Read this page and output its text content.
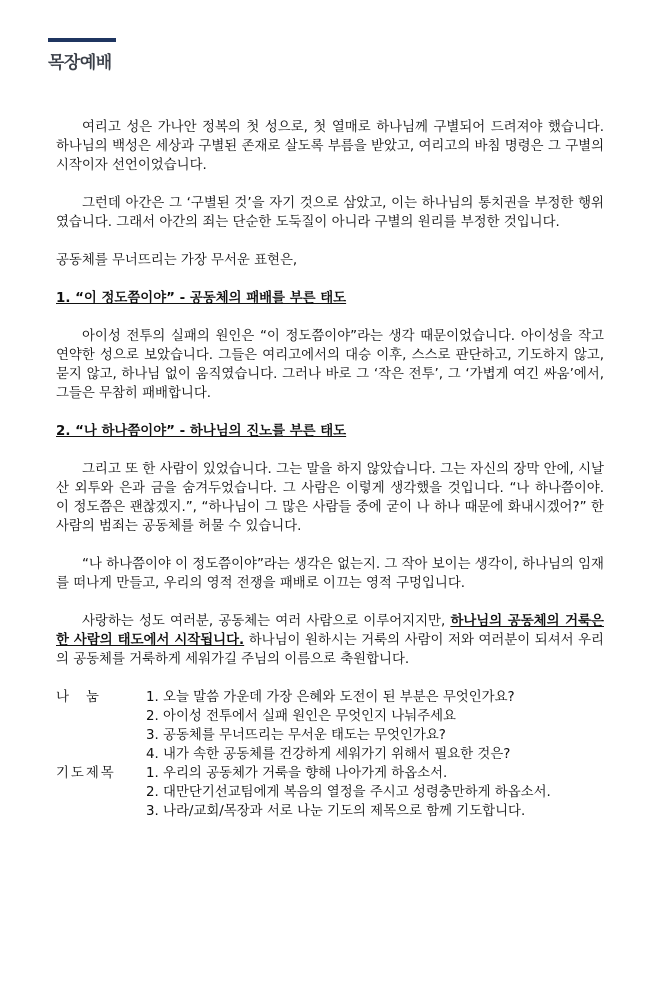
목장예배

여리고 성은 가나안 정복의 첫 성으로, 첫 열매로 하나님께 구별되어 드려져야 했습니다. 하나님의 백성은 세상과 구별된 존재로 살도록 부름을 받았고, 여리고의 바침 명령은 그 구별의 시작이자 선언이었습니다.

그런데 아간은 그 ‘구별된 것’을 자기 것으로 삼았고, 이는 하나님의 통치권을 부정한 행위였습니다. 그래서 아간의 죄는 단순한 도둑질이 아니라 구별의 원리를 부정한 것입니다.

공동체를 무너뜨리는 가장 무서운 표현은,

1. “이 정도쯤이야” - 공동체의 패배를 부른 태도

아이성 전투의 실패의 원인은 “이 정도쯤이야”라는 생각 때문이었습니다. 아이성을 작고 연약한 성으로 보았습니다. 그들은 여리고에서의 대승 이후, 스스로 판단하고, 기도하지 않고, 묻지 않고, 하나님 없이 움직였습니다. 그러나 바로 그 ‘작은 전투’, 그 ‘가볍게 여긴 싸움’에서, 그들은 무참히 패배합니다.

2. “나 하나쯤이야” - 하나님의 진노를 부른 태도

그리고 또 한 사람이 있었습니다. 그는 말을 하지 않았습니다. 그는 자신의 장막 안에, 시날 산 외투와 은과 금을 숨겨두었습니다. 그 사람은 이렇게 생각했을 것입니다. “나 하나쯤이야. 이 정도쯤은 괜찮겠지.”, “하나님이 그 많은 사람들 중에 굳이 나 하나 때문에 화내시겠어?” 한 사람의 범죄는 공동체를 허물 수 있습니다.

“나 하나쯤이야 이 정도쯤이야”라는 생각은 없는지. 그 작아 보이는 생각이, 하나님의 임재를 떠나게 만들고, 우리의 영적 전쟁을 패배로 이끄는 영적 구멍입니다.

사랑하는 성도 여러분, 공동체는 여러 사람으로 이루어지지만, 하나님의 공동체의 거룩은 한 사람의 태도에서 시작됩니다. 하나님이 원하시는 거룩의 사람이 저와 여러분이 되셔서 우리의 공동체를 거룩하게 세워가길 주님의 이름으로 축원합니다.

나    눔	1. 오늘 말씀 가운데 가장 은혜와 도전이 된 부분은 무엇인가요?
2. 아이성 전투에서 실패 원인은 무엇인지 나눠주세요
3. 공동체를 무너뜨리는 무서운 태도는 무엇인가요?
4. 내가 속한 공동체를 건강하게 세워가기 위해서 필요한 것은?
기도제목	1. 우리의 공동체가 거룩을 향해 나아가게 하옵소서.
2. 대만단기선교팀에게 복음의 열정을 주시고 성령충만하게 하옵소서.
3. 나라/교회/목장과 서로 나눈 기도의 제목으로 함께 기도합니다.
